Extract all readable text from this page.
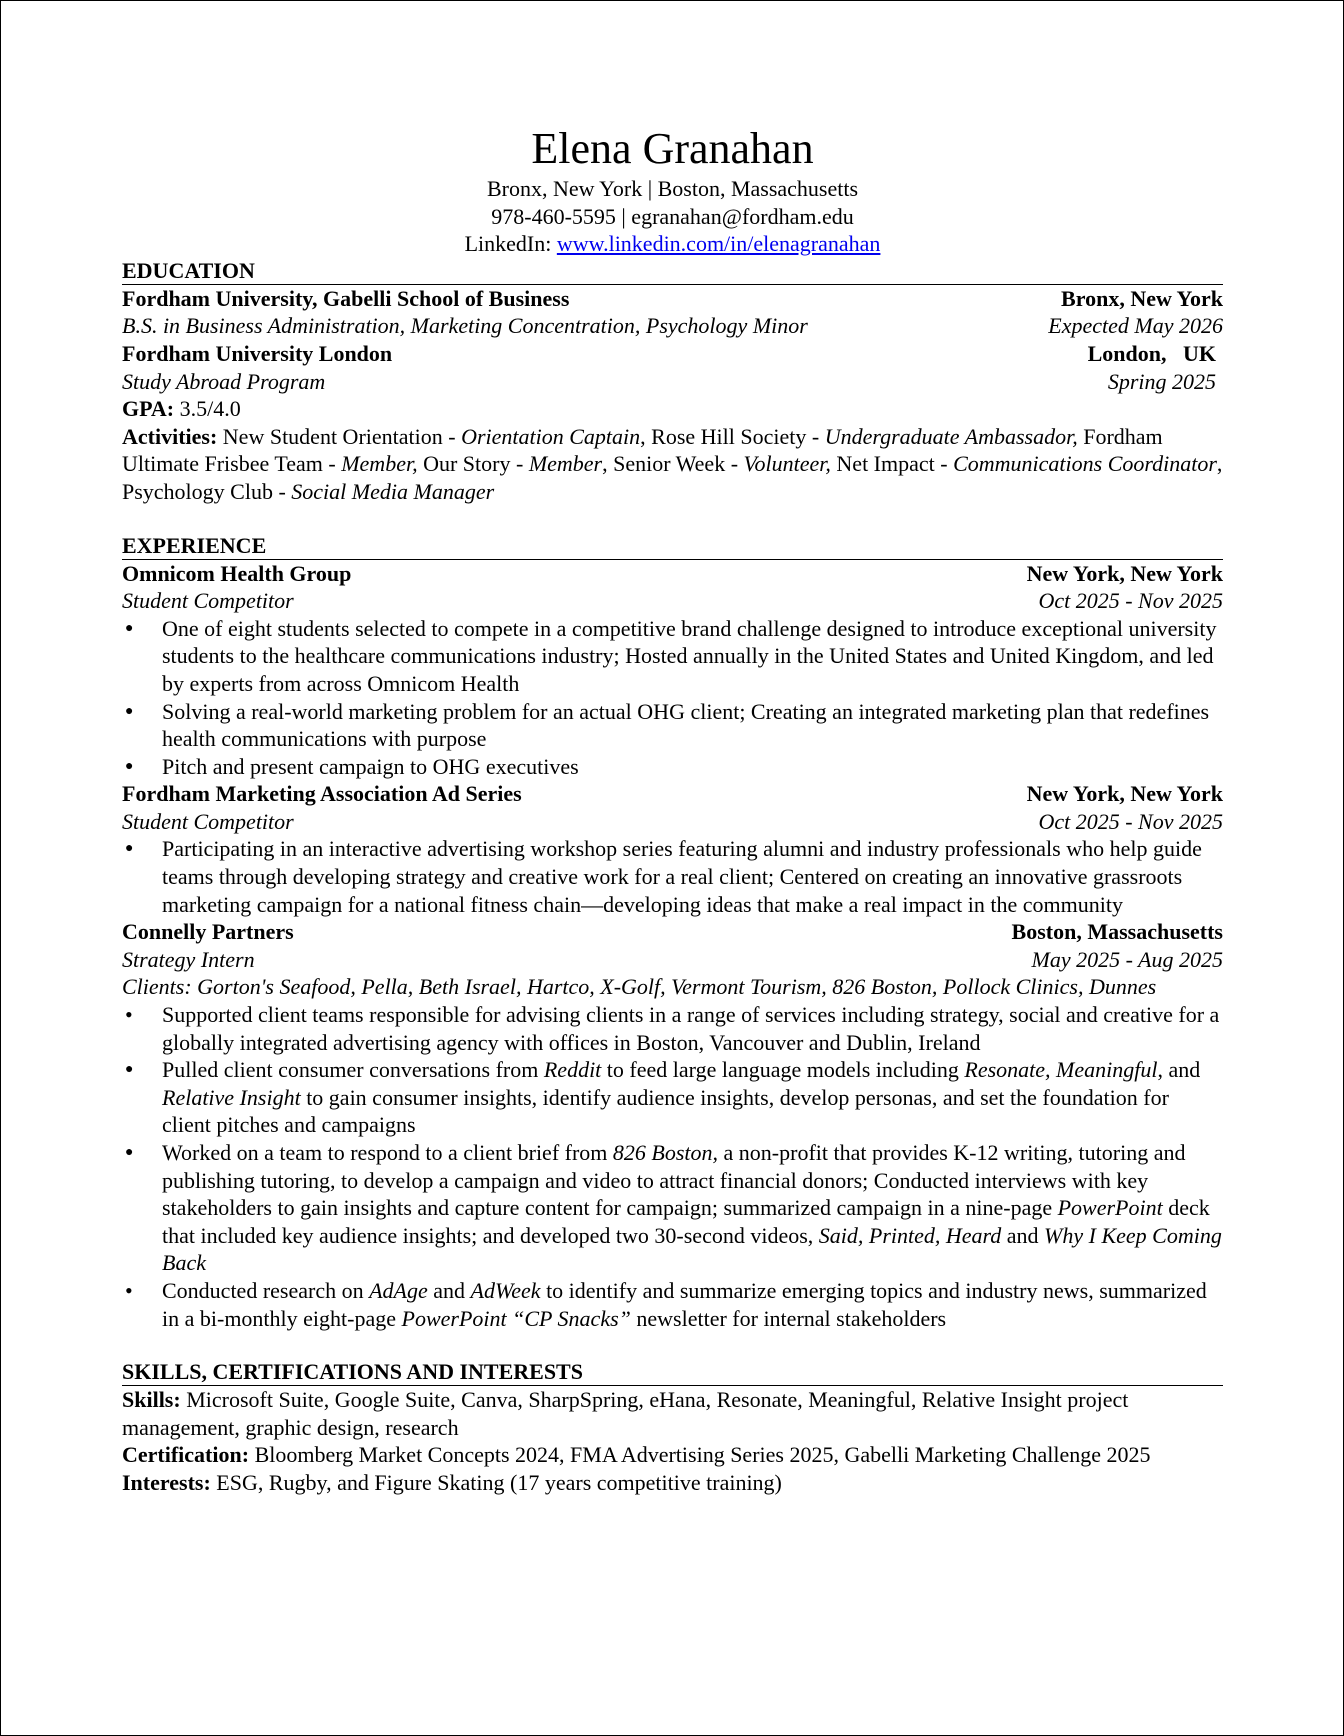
Elena Granahan

Bronx, New York | Boston, Massachusetts

978-460-5595 | egranahan@fordham.edu

LinkedIn: www.linkedin.com/in/elenagranahan

EDUCATION

Fordham University, Gabelli School of Business	Bronx, New York
B.S. in Business Administration, Marketing Concentration, Psychology Minor	Expected May 2026
Fordham University London	London,   UK
Study Abroad Program	Spring 2025

GPA: 3.5/4.0

Activities: New Student Orientation - Orientation Captain, Rose Hill Society - Undergraduate Ambassador, Fordham Ultimate Frisbee Team - Member, Our Story - Member, Senior Week - Volunteer, Net Impact - Communications Coordinator, Psychology Club - Social Media Manager

EXPERIENCE

Omnicom Health Group	New York, New York
Student Competitor	Oct 2025 - Nov 2025
● One of eight students selected to compete in a competitive brand challenge designed to introduce exceptional university students to the healthcare communications industry; Hosted annually in the United States and United Kingdom, and led by experts from across Omnicom Health
● Solving a real-world marketing problem for an actual OHG client; Creating an integrated marketing plan that redefines health communications with purpose
● Pitch and present campaign to OHG executives
Fordham Marketing Association Ad Series	New York, New York
Student Competitor	Oct 2025 - Nov 2025
● Participating in an interactive advertising workshop series featuring alumni and industry professionals who help guide teams through developing strategy and creative work for a real client; Centered on creating an innovative grassroots marketing campaign for a national fitness chain—developing ideas that make a real impact in the community
Connelly Partners	Boston, Massachusetts
Strategy Intern	May 2025 - Aug 2025

Clients: Gorton's Seafood, Pella, Beth Israel, Hartco, X-Golf, Vermont Tourism, 826 Boston, Pollock Clinics, Dunnes

• Supported client teams responsible for advising clients in a range of services including strategy, social and creative for a globally integrated advertising agency with offices in Boston, Vancouver and Dublin, Ireland
● Pulled client consumer conversations from Reddit to feed large language models including Resonate, Meaningful, and Relative Insight to gain consumer insights, identify audience insights, develop personas, and set the foundation for client pitches and campaigns
● Worked on a team to respond to a client brief from 826 Boston, a non-profit that provides K-12 writing, tutoring and publishing tutoring, to develop a campaign and video to attract financial donors; Conducted interviews with key stakeholders to gain insights and capture content for campaign; summarized campaign in a nine-page PowerPoint deck that included key audience insights; and developed two 30-second videos, Said, Printed, Heard and Why I Keep Coming Back
• Conducted research on AdAge and AdWeek to identify and summarize emerging topics and industry news, summarized in a bi-monthly eight-page PowerPoint “CP Snacks” newsletter for internal stakeholders

SKILLS, CERTIFICATIONS AND INTERESTS

Skills: Microsoft Suite, Google Suite, Canva, SharpSpring, eHana, Resonate, Meaningful, Relative Insight project management, graphic design, research

Certification: Bloomberg Market Concepts 2024, FMA Advertising Series 2025, Gabelli Marketing Challenge 2025

Interests: ESG, Rugby, and Figure Skating (17 years competitive training)
